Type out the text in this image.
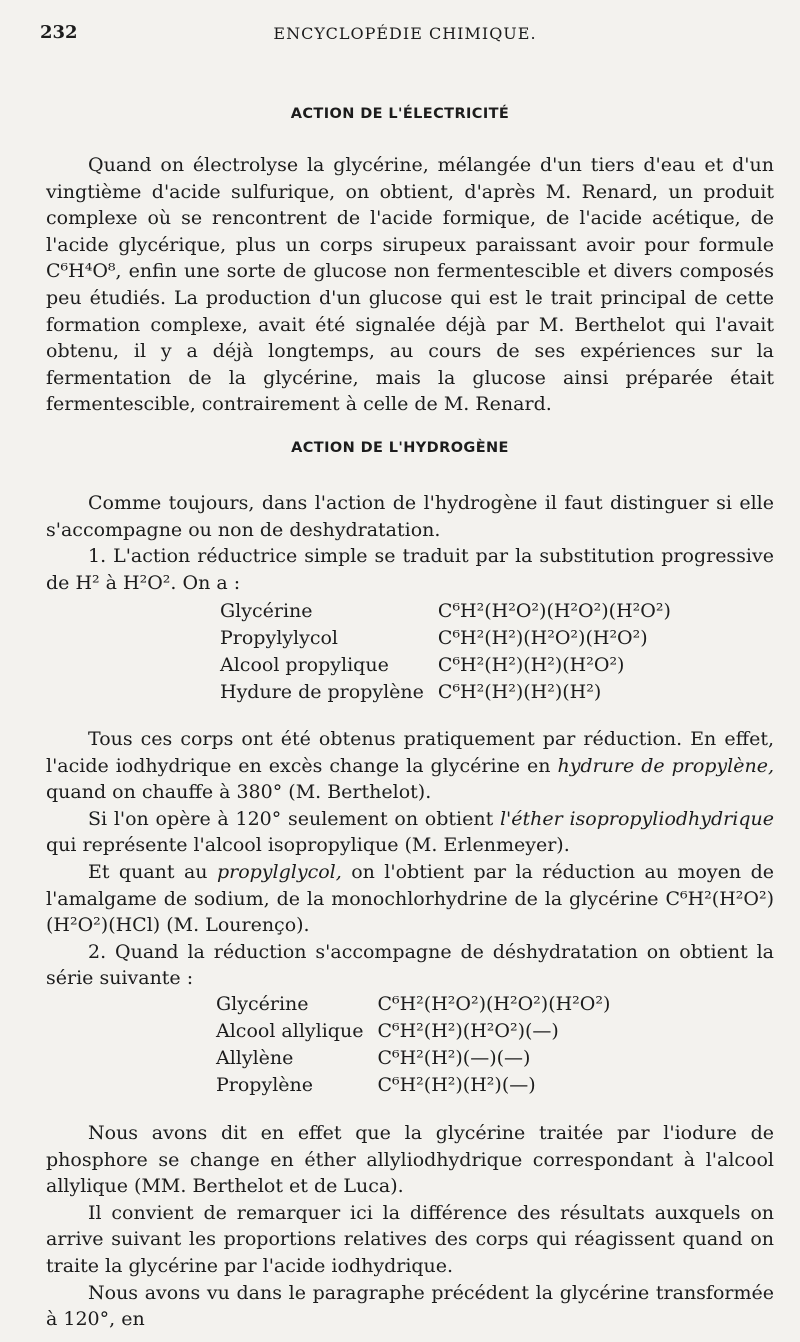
232	ENCYCLOPÉDIE CHIMIQUE.
ACTION DE L'ÉLECTRICITÉ

Quand on électrolyse la glycérine, mélangée d'un tiers d'eau et d'un vingtième d'acide sulfurique, on obtient, d'après M. Renard, un produit complexe où se rencontrent de l'acide formique, de l'acide acétique, de l'acide glycérique, plus un corps sirupeux paraissant avoir pour formule C⁶H⁴O⁸, enfin une sorte de glucose non fermentescible et divers composés peu étudiés. La production d'un glucose qui est le trait principal de cette formation complexe, avait été signalée déjà par M. Berthelot qui l'avait obtenu, il y a déjà longtemps, au cours de ses expériences sur la fermentation de la glycérine, mais la glucose ainsi préparée était fermentescible, contrairement à celle de M. Renard.

ACTION DE L'HYDROGÈNE

Comme toujours, dans l'action de l'hydrogène il faut distinguer si elle s'accompagne ou non de deshydratation.

1. L'action réductrice simple se traduit par la substitution progressive de H² à H²O². On a :

Glycérine	C⁶H²(H²O²)(H²O²)(H²O²)
Propylylycol	C⁶H²(H²)(H²O²)(H²O²)
Alcool propylique	C⁶H²(H²)(H²)(H²O²)
Hydure de propylène	C⁶H²(H²)(H²)(H²)

Tous ces corps ont été obtenus pratiquement par réduction. En effet, l'acide iodhydrique en excès change la glycérine en hydrure de propylène, quand on chauffe à 380° (M. Berthelot).

Si l'on opère à 120° seulement on obtient l'éther isopropyliodhydrique qui représente l'alcool isopropylique (M. Erlenmeyer).

Et quant au propylglycol, on l'obtient par la réduction au moyen de l'amalgame de sodium, de la monochlorhydrine de la glycérine C⁶H²(H²O²)(H²O²)(HCl) (M. Lourenço).

2. Quand la réduction s'accompagne de déshydratation on obtient la série suivante :

Glycérine	C⁶H²(H²O²)(H²O²)(H²O²)
Alcool allylique	C⁶H²(H²)(H²O²)(—)
Allylène	C⁶H²(H²)(—)(—)
Propylène	C⁶H²(H²)(H²)(—)

Nous avons dit en effet que la glycérine traitée par l'iodure de phosphore se change en éther allyliodhydrique correspondant à l'alcool allylique (MM. Berthelot et de Luca).

Il convient de remarquer ici la différence des résultats auxquels on arrive suivant les proportions relatives des corps qui réagissent quand on traite la glycérine par l'acide iodhydrique.

Nous avons vu dans le paragraphe précédent la glycérine transformée à 120°, en
